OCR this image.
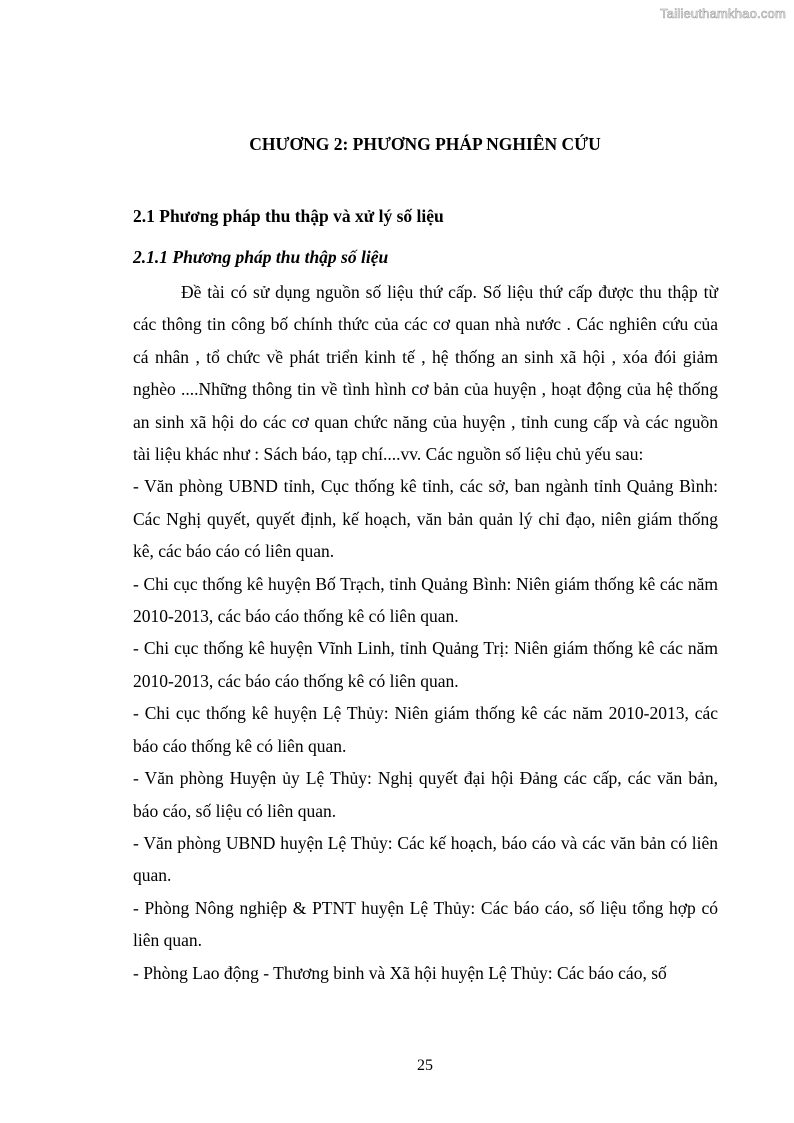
Tailieuthamkhao.com
CHƯƠNG 2: PHƯƠNG PHÁP NGHIÊN CỨU
2.1 Phương pháp thu thập và xử lý số liệu
2.1.1 Phương pháp thu thập số liệu

Đề tài có sử dụng nguồn số liệu thứ cấp. Số liệu thứ cấp được thu thập từ các thông tin công bố chính thức của các cơ quan nhà nước . Các nghiên cứu của cá nhân , tổ chức về phát triển kinh tế , hệ thống an sinh xã hội , xóa đói giảm nghèo ....Những thông tin về tình hình cơ bản của huyện , hoạt động của hệ thống an sinh xã hội do các cơ quan chức năng của huyện , tỉnh cung cấp và các nguồn tài liệu khác như : Sách báo, tạp chí....vv. Các nguồn số liệu chủ yếu sau:

- Văn phòng UBND tỉnh, Cục thống kê tỉnh, các sở, ban ngành tỉnh Quảng Bình: Các Nghị quyết, quyết định, kế hoạch, văn bản quản lý chỉ đạo, niên giám thống kê, các báo cáo có liên quan.

- Chi cục thống kê huyện Bố Trạch, tỉnh Quảng Bình: Niên giám thống kê các năm 2010-2013, các báo cáo thống kê có liên quan.

- Chi cục thống kê huyện Vĩnh Linh, tỉnh Quảng Trị: Niên giám thống kê các năm 2010-2013, các báo cáo thống kê có liên quan.

- Chi cục thống kê huyện Lệ Thủy: Niên giám thống kê các năm 2010-2013, các báo cáo thống kê có liên quan.

- Văn phòng Huyện ủy Lệ Thủy: Nghị quyết đại hội Đảng các cấp, các văn bản, báo cáo, số liệu có liên quan.

- Văn phòng UBND huyện Lệ Thủy: Các kế hoạch, báo cáo và các văn bản có liên quan.

- Phòng Nông nghiệp & PTNT huyện Lệ Thủy: Các báo cáo, số liệu tổng hợp có liên quan.

- Phòng Lao động - Thương binh và Xã hội huyện Lệ Thủy: Các báo cáo, số

25
